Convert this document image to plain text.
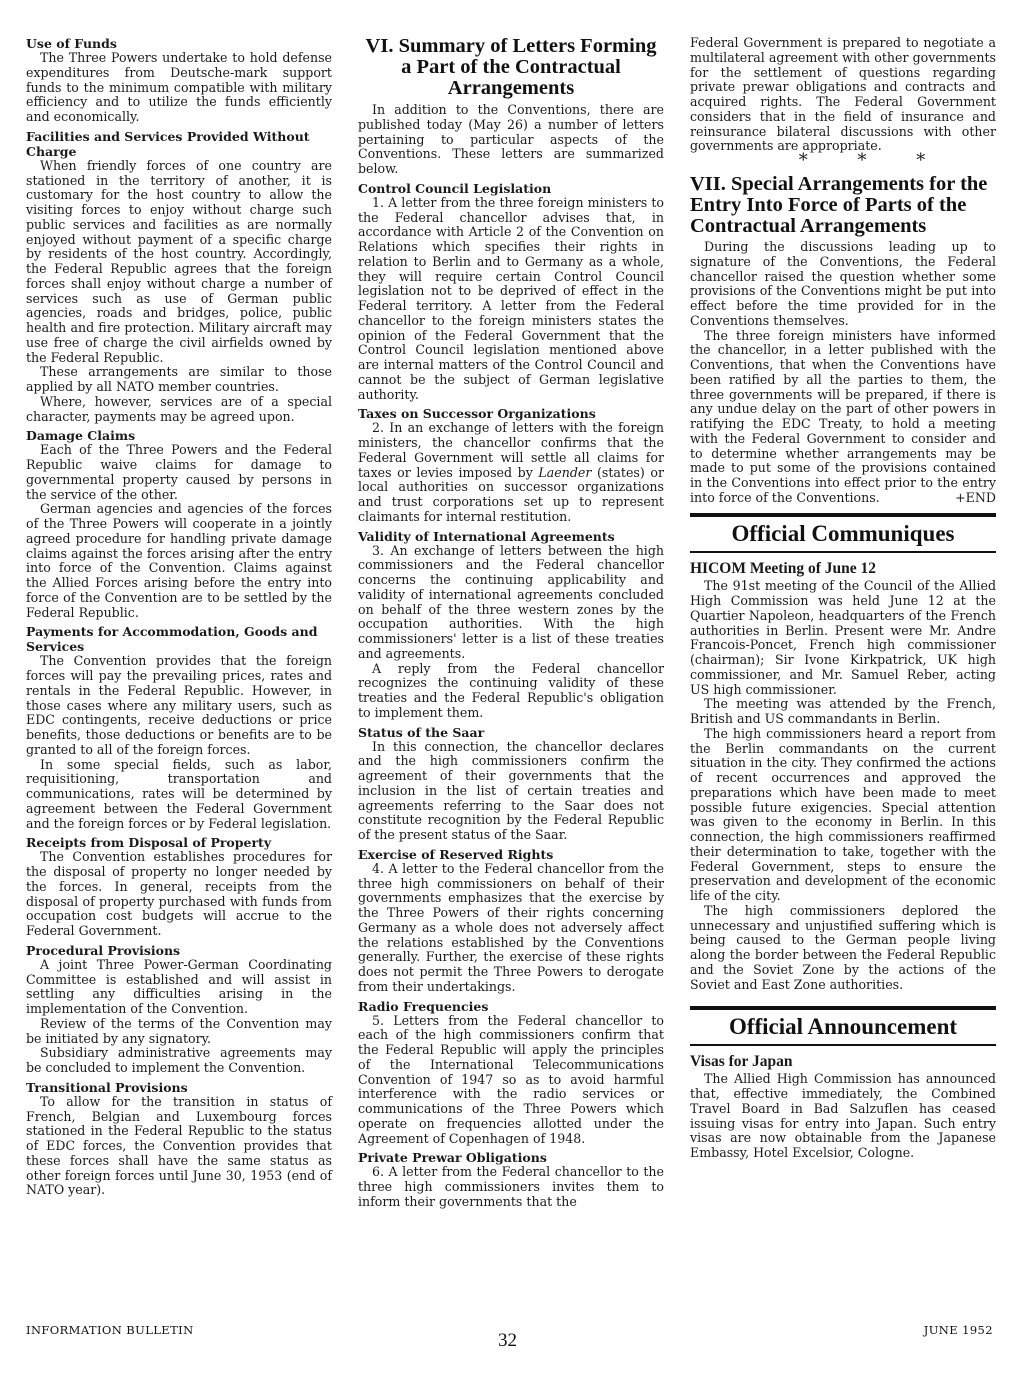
Use of Funds

The Three Powers undertake to hold defense expenditures from Deutsche-mark support funds to the minimum compatible with military efficiency and to utilize the funds efficiently and economically.

Facilities and Services Provided Without Charge

When friendly forces of one country are stationed in the territory of another, it is customary for the host country to allow the visiting forces to enjoy without charge such public services and facilities as are normally enjoyed without payment of a specific charge by residents of the host country. Accordingly, the Federal Republic agrees that the foreign forces shall enjoy without charge a number of services such as use of German public agencies, roads and bridges, police, public health and fire protection. Military aircraft may use free of charge the civil airfields owned by the Federal Republic.

These arrangements are similar to those applied by all NATO member countries.

Where, however, services are of a special character, payments may be agreed upon.

Damage Claims

Each of the Three Powers and the Federal Republic waive claims for damage to governmental property caused by persons in the service of the other.

German agencies and agencies of the forces of the Three Powers will cooperate in a jointly agreed procedure for handling private damage claims against the forces arising after the entry into force of the Convention. Claims against the Allied Forces arising before the entry into force of the Convention are to be settled by the Federal Republic.

Payments for Accommodation, Goods and Services

The Convention provides that the foreign forces will pay the prevailing prices, rates and rentals in the Federal Republic. However, in those cases where any military users, such as EDC contingents, receive deductions or price benefits, those deductions or benefits are to be granted to all of the foreign forces.

In some special fields, such as labor, requisitioning, transportation and communications, rates will be determined by agreement between the Federal Government and the foreign forces or by Federal legislation.

Receipts from Disposal of Property

The Convention establishes procedures for the disposal of property no longer needed by the forces. In general, receipts from the disposal of property purchased with funds from occupation cost budgets will accrue to the Federal Government.

Procedural Provisions

A joint Three Power-German Coordinating Committee is established and will assist in settling any difficulties arising in the implementation of the Convention.

Review of the terms of the Convention may be initiated by any signatory.

Subsidiary administrative agreements may be concluded to implement the Convention.

Transitional Provisions

To allow for the transition in status of French, Belgian and Luxembourg forces stationed in the Federal Republic to the status of EDC forces, the Convention provides that these forces shall have the same status as other foreign forces until June 30, 1953 (end of NATO year).

VI. Summary of Letters Forming a Part of the Contractual Arrangements

In addition to the Conventions, there are published today (May 26) a number of letters pertaining to particular aspects of the Conventions. These letters are summarized below.

Control Council Legislation

1. A letter from the three foreign ministers to the Federal chancellor advises that, in accordance with Article 2 of the Convention on Relations which specifies their rights in relation to Berlin and to Germany as a whole, they will require certain Control Council legislation not to be deprived of effect in the Federal territory. A letter from the Federal chancellor to the foreign ministers states the opinion of the Federal Government that the Control Council legislation mentioned above are internal matters of the Control Council and cannot be the subject of German legislative authority.

Taxes on Successor Organizations

2. In an exchange of letters with the foreign ministers, the chancellor confirms that the Federal Government will settle all claims for taxes or levies imposed by Laender (states) or local authorities on successor organizations and trust corporations set up to represent claimants for internal restitution.

Validity of International Agreements

3. An exchange of letters between the high commissioners and the Federal chancellor concerns the continuing applicability and validity of international agreements concluded on behalf of the three western zones by the occupation authorities. With the high commissioners' letter is a list of these treaties and agreements.

A reply from the Federal chancellor recognizes the continuing validity of these treaties and the Federal Republic's obligation to implement them.

Status of the Saar

In this connection, the chancellor declares and the high commissioners confirm the agreement of their governments that the inclusion in the list of certain treaties and agreements referring to the Saar does not constitute recognition by the Federal Republic of the present status of the Saar.

Exercise of Reserved Rights

4. A letter to the Federal chancellor from the three high commissioners on behalf of their governments emphasizes that the exercise by the Three Powers of their rights concerning Germany as a whole does not adversely affect the relations established by the Conventions generally. Further, the exercise of these rights does not permit the Three Powers to derogate from their undertakings.

Radio Frequencies

5. Letters from the Federal chancellor to each of the high commissioners confirm that the Federal Republic will apply the principles of the International Telecommunications Convention of 1947 so as to avoid harmful interference with the radio services or communications of the Three Powers which operate on frequencies allotted under the Agreement of Copenhagen of 1948.

Private Prewar Obligations

6. A letter from the Federal chancellor to the three high commissioners invites them to inform their governments that the

Federal Government is prepared to negotiate a multilateral agreement with other governments for the settlement of questions regarding private prewar obligations and contracts and acquired rights. The Federal Government considers that in the field of insurance and reinsurance bilateral discussions with other governments are appropriate.

* * *

VII. Special Arrangements for the Entry Into Force of Parts of the Contractual Arrangements

During the discussions leading up to signature of the Conventions, the Federal chancellor raised the question whether some provisions of the Conventions might be put into effect before the time provided for in the Conventions themselves.

The three foreign ministers have informed the chancellor, in a letter published with the Conventions, that when the Conventions have been ratified by all the parties to them, the three governments will be prepared, if there is any undue delay on the part of other powers in ratifying the EDC Treaty, to hold a meeting with the Federal Government to consider and to determine whether arrangements may be made to put some of the provisions contained in the Conventions into effect prior to the entry into force of the Conventions.	+END

Official Communiques

HICOM Meeting of June 12

The 91st meeting of the Council of the Allied High Commission was held June 12 at the Quartier Napoleon, headquarters of the French authorities in Berlin. Present were Mr. Andre Francois-Poncet, French high commissioner (chairman); Sir Ivone Kirkpatrick, UK high commissioner, and Mr. Samuel Reber, acting US high commissioner.

The meeting was attended by the French, British and US commandants in Berlin.

The high commissioners heard a report from the Berlin commandants on the current situation in the city. They confirmed the actions of recent occurrences and approved the preparations which have been made to meet possible future exigencies. Special attention was given to the economy in Berlin. In this connection, the high commissioners reaffirmed their determination to take, together with the Federal Government, steps to ensure the preservation and development of the economic life of the city.

The high commissioners deplored the unnecessary and unjustified suffering which is being caused to the German people living along the border between the Federal Republic and the Soviet Zone by the actions of the Soviet and East Zone authorities.

Official Announcement

Visas for Japan

The Allied High Commission has announced that, effective immediately, the Combined Travel Board in Bad Salzuflen has ceased issuing visas for entry into Japan. Such entry visas are now obtainable from the Japanese Embassy, Hotel Excelsior, Cologne.

INFORMATION BULLETIN	32	JUNE 1952
